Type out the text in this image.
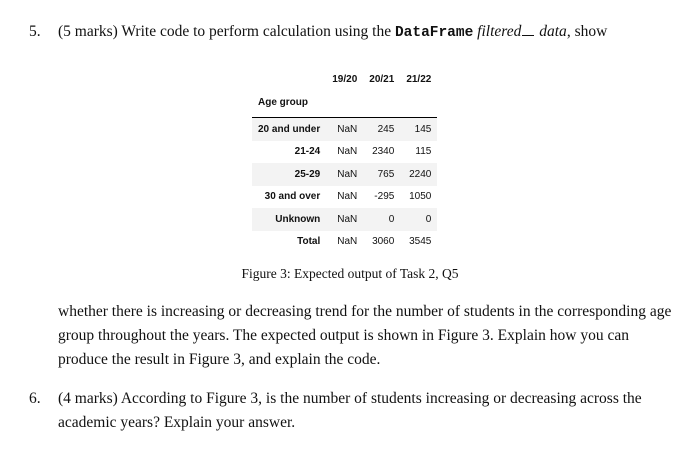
5. (5 marks) Write code to perform calculation using the DataFrame filtered data, show
	19/20	20/21	21/22
Age group			
20 and under	NaN	245	145
21-24	NaN	2340	115
25-29	NaN	765	2240
30 and over	NaN	-295	1050
Unknown	NaN	0	0
Total	NaN	3060	3545
Figure 3: Expected output of Task 2, Q5
whether there is increasing or decreasing trend for the number of students in the corresponding age group throughout the years. The expected output is shown in Figure 3. Explain how you can produce the result in Figure 3, and explain the code.
6. (4 marks) According to Figure 3, is the number of students increasing or decreasing across the academic years? Explain your answer.
